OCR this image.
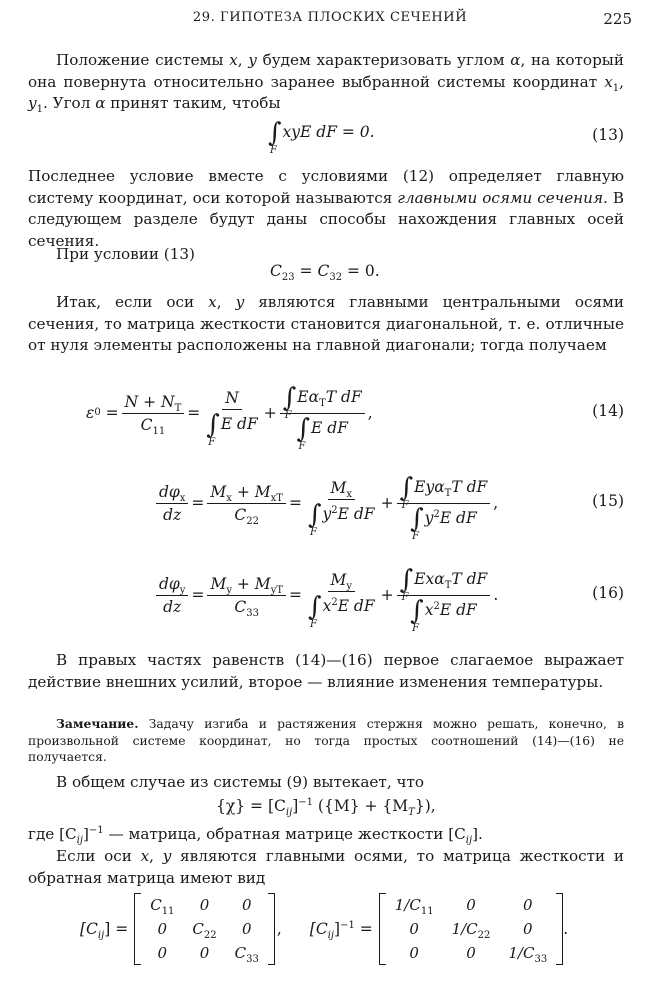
29. ГИПОТЕЗА ПЛОСКИХ СЕЧЕНИЙ	225

Положение системы x, y будем характеризовать углом α, на который она повернута относительно заранее выбранной системы координат $x_1$, $y_1$. Угол α принят таким, чтобы

∫
F
xyE dF = 0.	(13)

Последнее условие вместе с условиями (12) определяет главную систему координат, оси которой называются главными осями сечения. В следующем разделе будут даны способы нахождения главных осей сечения.

При условии (13)

$C_{23} = C_{32} = 0$.

Итак, если оси x, y являются главными центральными осями сечения, то матрица жесткости становится диагональной, т. е. отличные от нуля элементы расположены на главной диагонали; тогда получаем

ε $0 = \frac{N + N_T}{C_{11}} = N$
∫
F
E dF + ∫
F
$E\alpha_TT$ dF
∫
F
E dF ,	(14)
$\frac{d\varphi_x}{dz} = \frac{M_x + M_{xT}}{C_{22}} = M_x$
∫
F
$y^2E$ dF + ∫
F
Eyα$_T$T dF
∫
F
$y^2E$ dF ,	(15)
$\frac{d\varphi_y}{dz} = \frac{M_y + M_{yT}}{C_{33}} = M_y$
∫
F
$x^2E$ dF + ∫
F
Exα$_T$T dF
∫
F
$x^2E$ dF .	(16)

В правых частях равенств (14)—(16) первое слагаемое выражает действие внешних усилий, второе — влияние изменения температуры.

Замечание. Задачу изгиба и растяжения стержня можно решать, конечно, в произвольной системе координат, но тогда простых соотношений (14)—(16) не получается.

В общем случае из системы (9) вытекает, что

$\{\chi\} = [C_{ij}]^{-1}$ $(\{M\} + \{M_T\})$,

где $[C_{ij}]^{-1}$ — матрица, обратная матрице жесткости $[C_{ij}]$.

Если оси x, y являются главными осями, то матрица жесткости и обратная матрица имеют вид

$[C_{ij}]$ =
$C_{11}$	0	0
0	$C_{22}$	0
0	0	$C_{33}$
, $[C_{ij}]^{-1}$ =
$1/C_{11}$	0	0
0	$1/C_{22}$	0
0	0	$1/C_{33}$
.
